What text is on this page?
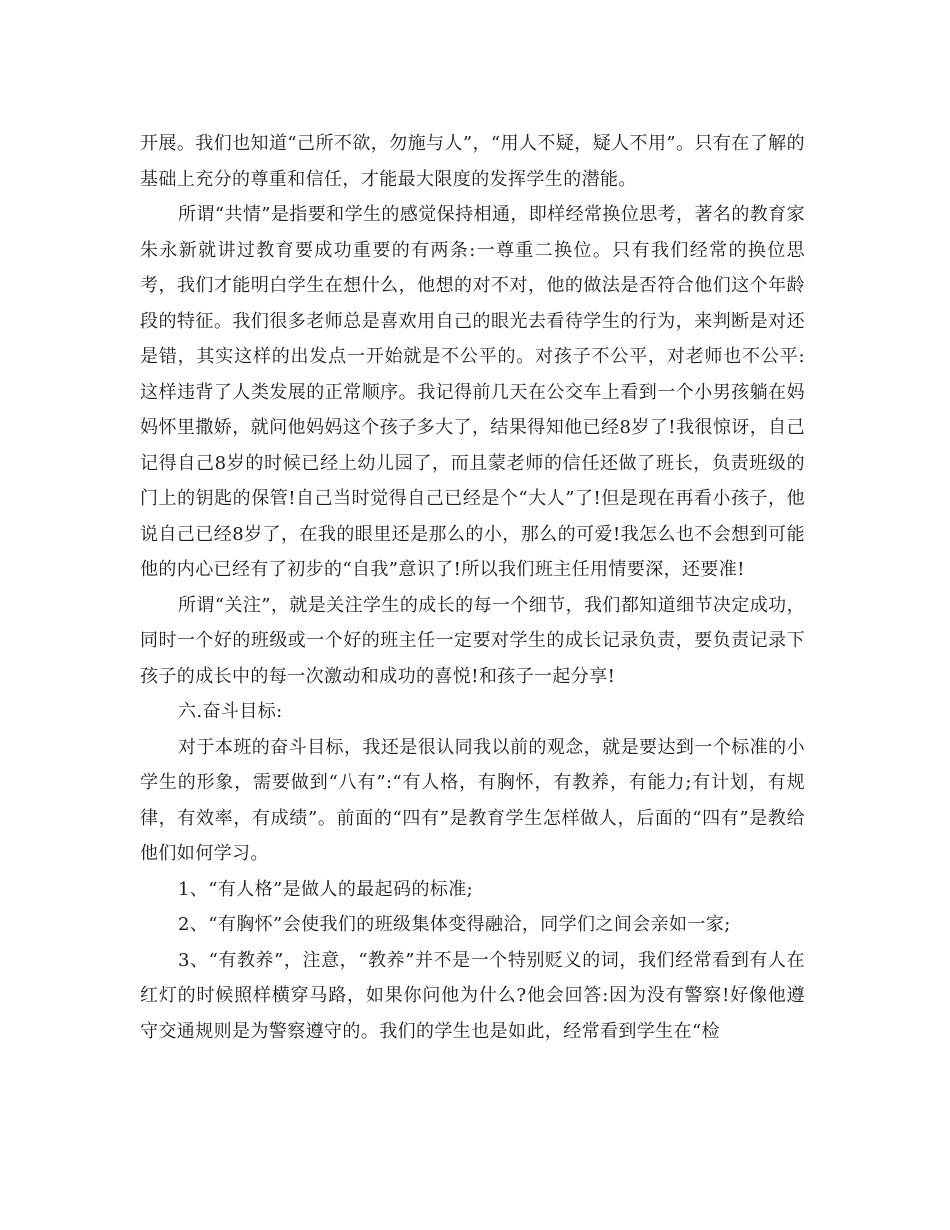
开展。我们也知道“己所不欲，勿施与人”，“用人不疑，疑人不用”。只有在了解的基础上充分的尊重和信任，才能最大限度的发挥学生的潜能。

所谓“共情”是指要和学生的感觉保持相通，即样经常换位思考，著名的教育家朱永新就讲过教育要成功重要的有两条:一尊重二换位。只有我们经常的换位思考，我们才能明白学生在想什么，他想的对不对，他的做法是否符合他们这个年龄段的特征。我们很多老师总是喜欢用自己的眼光去看待学生的行为，来判断是对还是错，其实这样的出发点一开始就是不公平的。对孩子不公平，对老师也不公平:这样违背了人类发展的正常顺序。我记得前几天在公交车上看到一个小男孩躺在妈妈怀里撒娇，就问他妈妈这个孩子多大了，结果得知他已经8岁了!我很惊讶，自己记得自己8岁的时候已经上幼儿园了，而且蒙老师的信任还做了班长，负责班级的门上的钥匙的保管!自己当时觉得自己已经是个“大人”了!但是现在再看小孩子，他说自己已经8岁了，在我的眼里还是那么的小，那么的可爱!我怎么也不会想到可能他的内心已经有了初步的“自我”意识了!所以我们班主任用情要深，还要准!

所谓“关注”，就是关注学生的成长的每一个细节，我们都知道细节决定成功，同时一个好的班级或一个好的班主任一定要对学生的成长记录负责，要负责记录下孩子的成长中的每一次激动和成功的喜悦!和孩子一起分享!

六.奋斗目标:

对于本班的奋斗目标，我还是很认同我以前的观念，就是要达到一个标准的小学生的形象，需要做到“八有”:“有人格，有胸怀，有教养，有能力;有计划，有规律，有效率，有成绩”。前面的“四有”是教育学生怎样做人，后面的“四有”是教给他们如何学习。

1、“有人格”是做人的最起码的标准;

2、“有胸怀”会使我们的班级集体变得融洽，同学们之间会亲如一家;

3、“有教养”，注意，“教养”并不是一个特别贬义的词，我们经常看到有人在红灯的时候照样横穿马路，如果你问他为什么?他会回答:因为没有警察!好像他遵守交通规则是为警察遵守的。我们的学生也是如此，经常看到学生在“检
